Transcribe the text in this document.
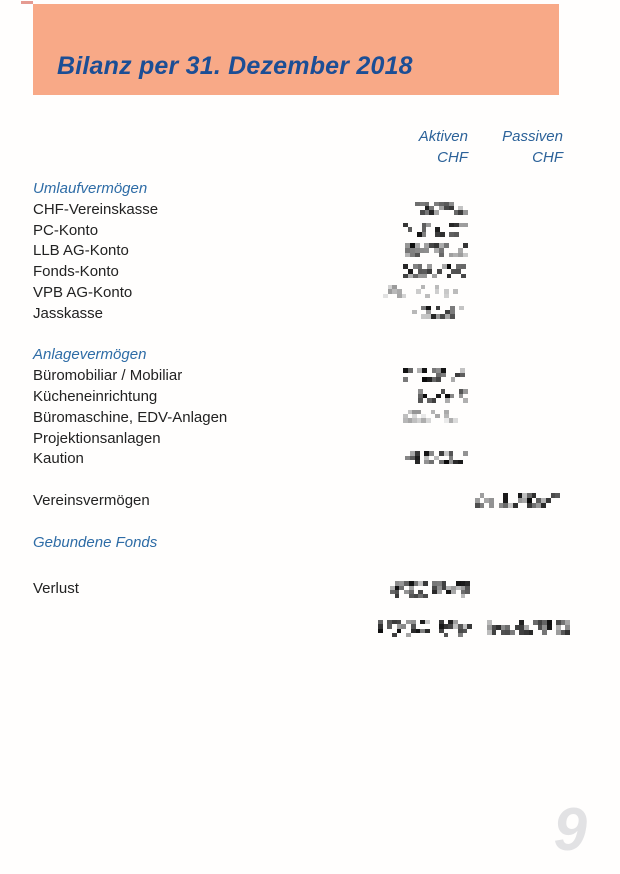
Bilanz per 31. Dezember 2018
Aktiven
CHF
Passiven
CHF
Umlaufvermögen
CHF-Vereinskasse
PC-Konto
LLB AG-Konto
Fonds-Konto
VPB AG-Konto
Jasskasse
Anlagevermögen
Büromobiliar / Mobiliar
Kücheneinrichtung
Büromaschine, EDV-Anlagen
Projektionsanlagen
Kaution
Vereinsvermögen
Gebundene Fonds
Verlust
9
